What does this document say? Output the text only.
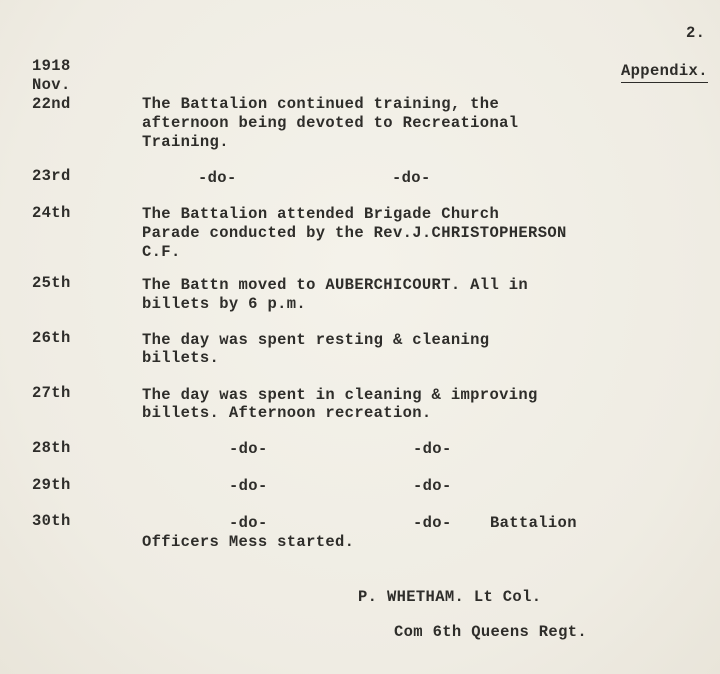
2.
1918
Nov.
Appendix.
22nd	The Battalion continued training, the
afternoon being devoted to Recreational
Training.
23rd	-do-	-do-
24th	The Battalion attended Brigade Church
Parade conducted by the Rev.J.CHRISTOPHERSON
C.F.
25th	The Battn moved to AUBERCHICOURT. All in
billets by 6 p.m.
26th	The day was spent resting & cleaning
billets.
27th	The day was spent in cleaning & improving
billets. Afternoon recreation.
28th	-do-	-do-
29th	-do-	-do-
30th	-do-	-do- Battalion
Officers Mess started.
P. WHETHAM. Lt Col.
Com 6th Queens Regt.
